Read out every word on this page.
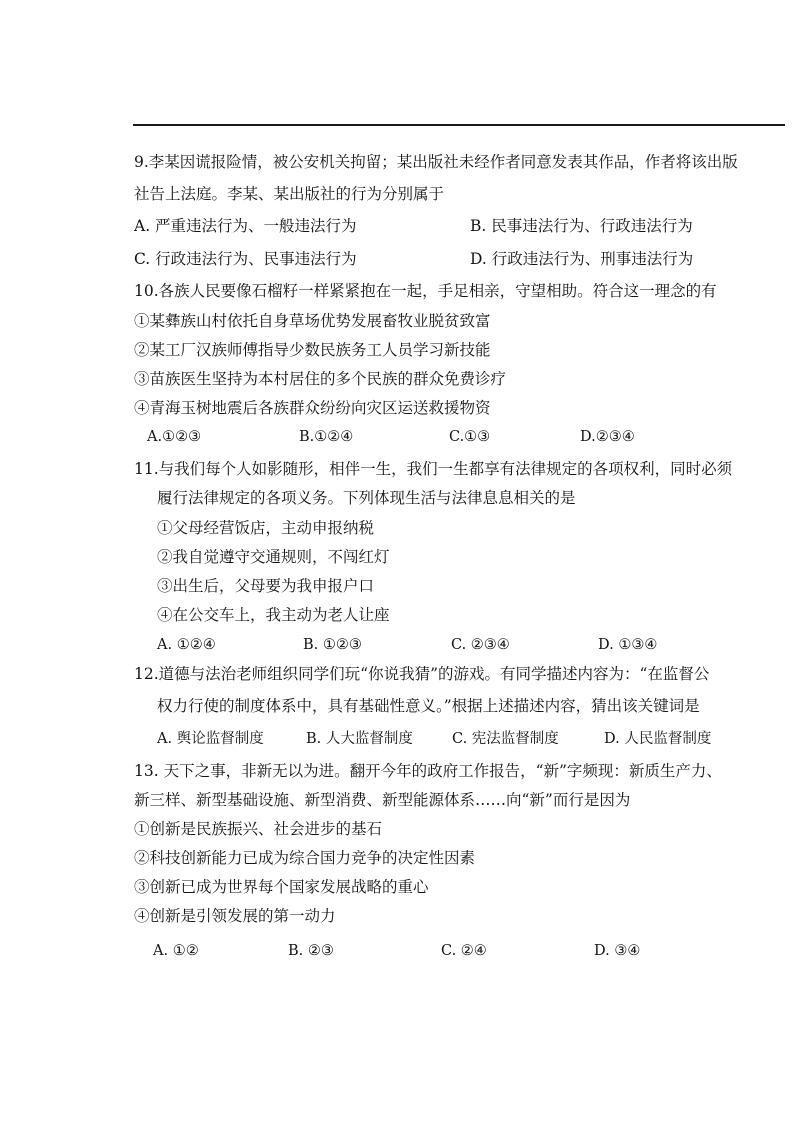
9.李某因谎报险情，被公安机关拘留；某出版社未经作者同意发表其作品，作者将该出版
社告上法庭。李某、某出版社的行为分别属于
A. 严重违法行为、一般违法行为	B. 民事违法行为、行政违法行为
C. 行政违法行为、民事违法行为	D. 行政违法行为、刑事违法行为
10.各族人民要像石榴籽一样紧紧抱在一起，手足相亲，守望相助。符合这一理念的有
①某彝族山村依托自身草场优势发展畜牧业脱贫致富
②某工厂汉族师傅指导少数民族务工人员学习新技能
③苗族医生坚持为本村居住的多个民族的群众免费诊疗
④青海玉树地震后各族群众纷纷向灾区运送救援物资
A.①②③	B.①②④	C.①③	D.②③④
11.与我们每个人如影随形，相伴一生，我们一生都享有法律规定的各项权利，同时必须
履行法律规定的各项义务。下列体现生活与法律息息相关的是
①父母经营饭店，主动申报纳税
②我自觉遵守交通规则，不闯红灯
③出生后，父母要为我申报户口
④在公交车上，我主动为老人让座
A. ①②④	B. ①②③	C. ②③④	D. ①③④
12.道德与法治老师组织同学们玩“你说我猜”的游戏。有同学描述内容为：“在监督公
权力行使的制度体系中，具有基础性意义。”根据上述描述内容，猜出该关键词是
A. 舆论监督制度	B. 人大监督制度	C. 宪法监督制度	D. 人民监督制度
13. 天下之事，非新无以为进。翻开今年的政府工作报告，“新”字频现：新质生产力、
新三样、新型基础设施、新型消费、新型能源体系……向“新”而行是因为
①创新是民族振兴、社会进步的基石
②科技创新能力已成为综合国力竞争的决定性因素
③创新已成为世界每个国家发展战略的重心
④创新是引领发展的第一动力
A. ①②	B. ②③	C. ②④	D. ③④
